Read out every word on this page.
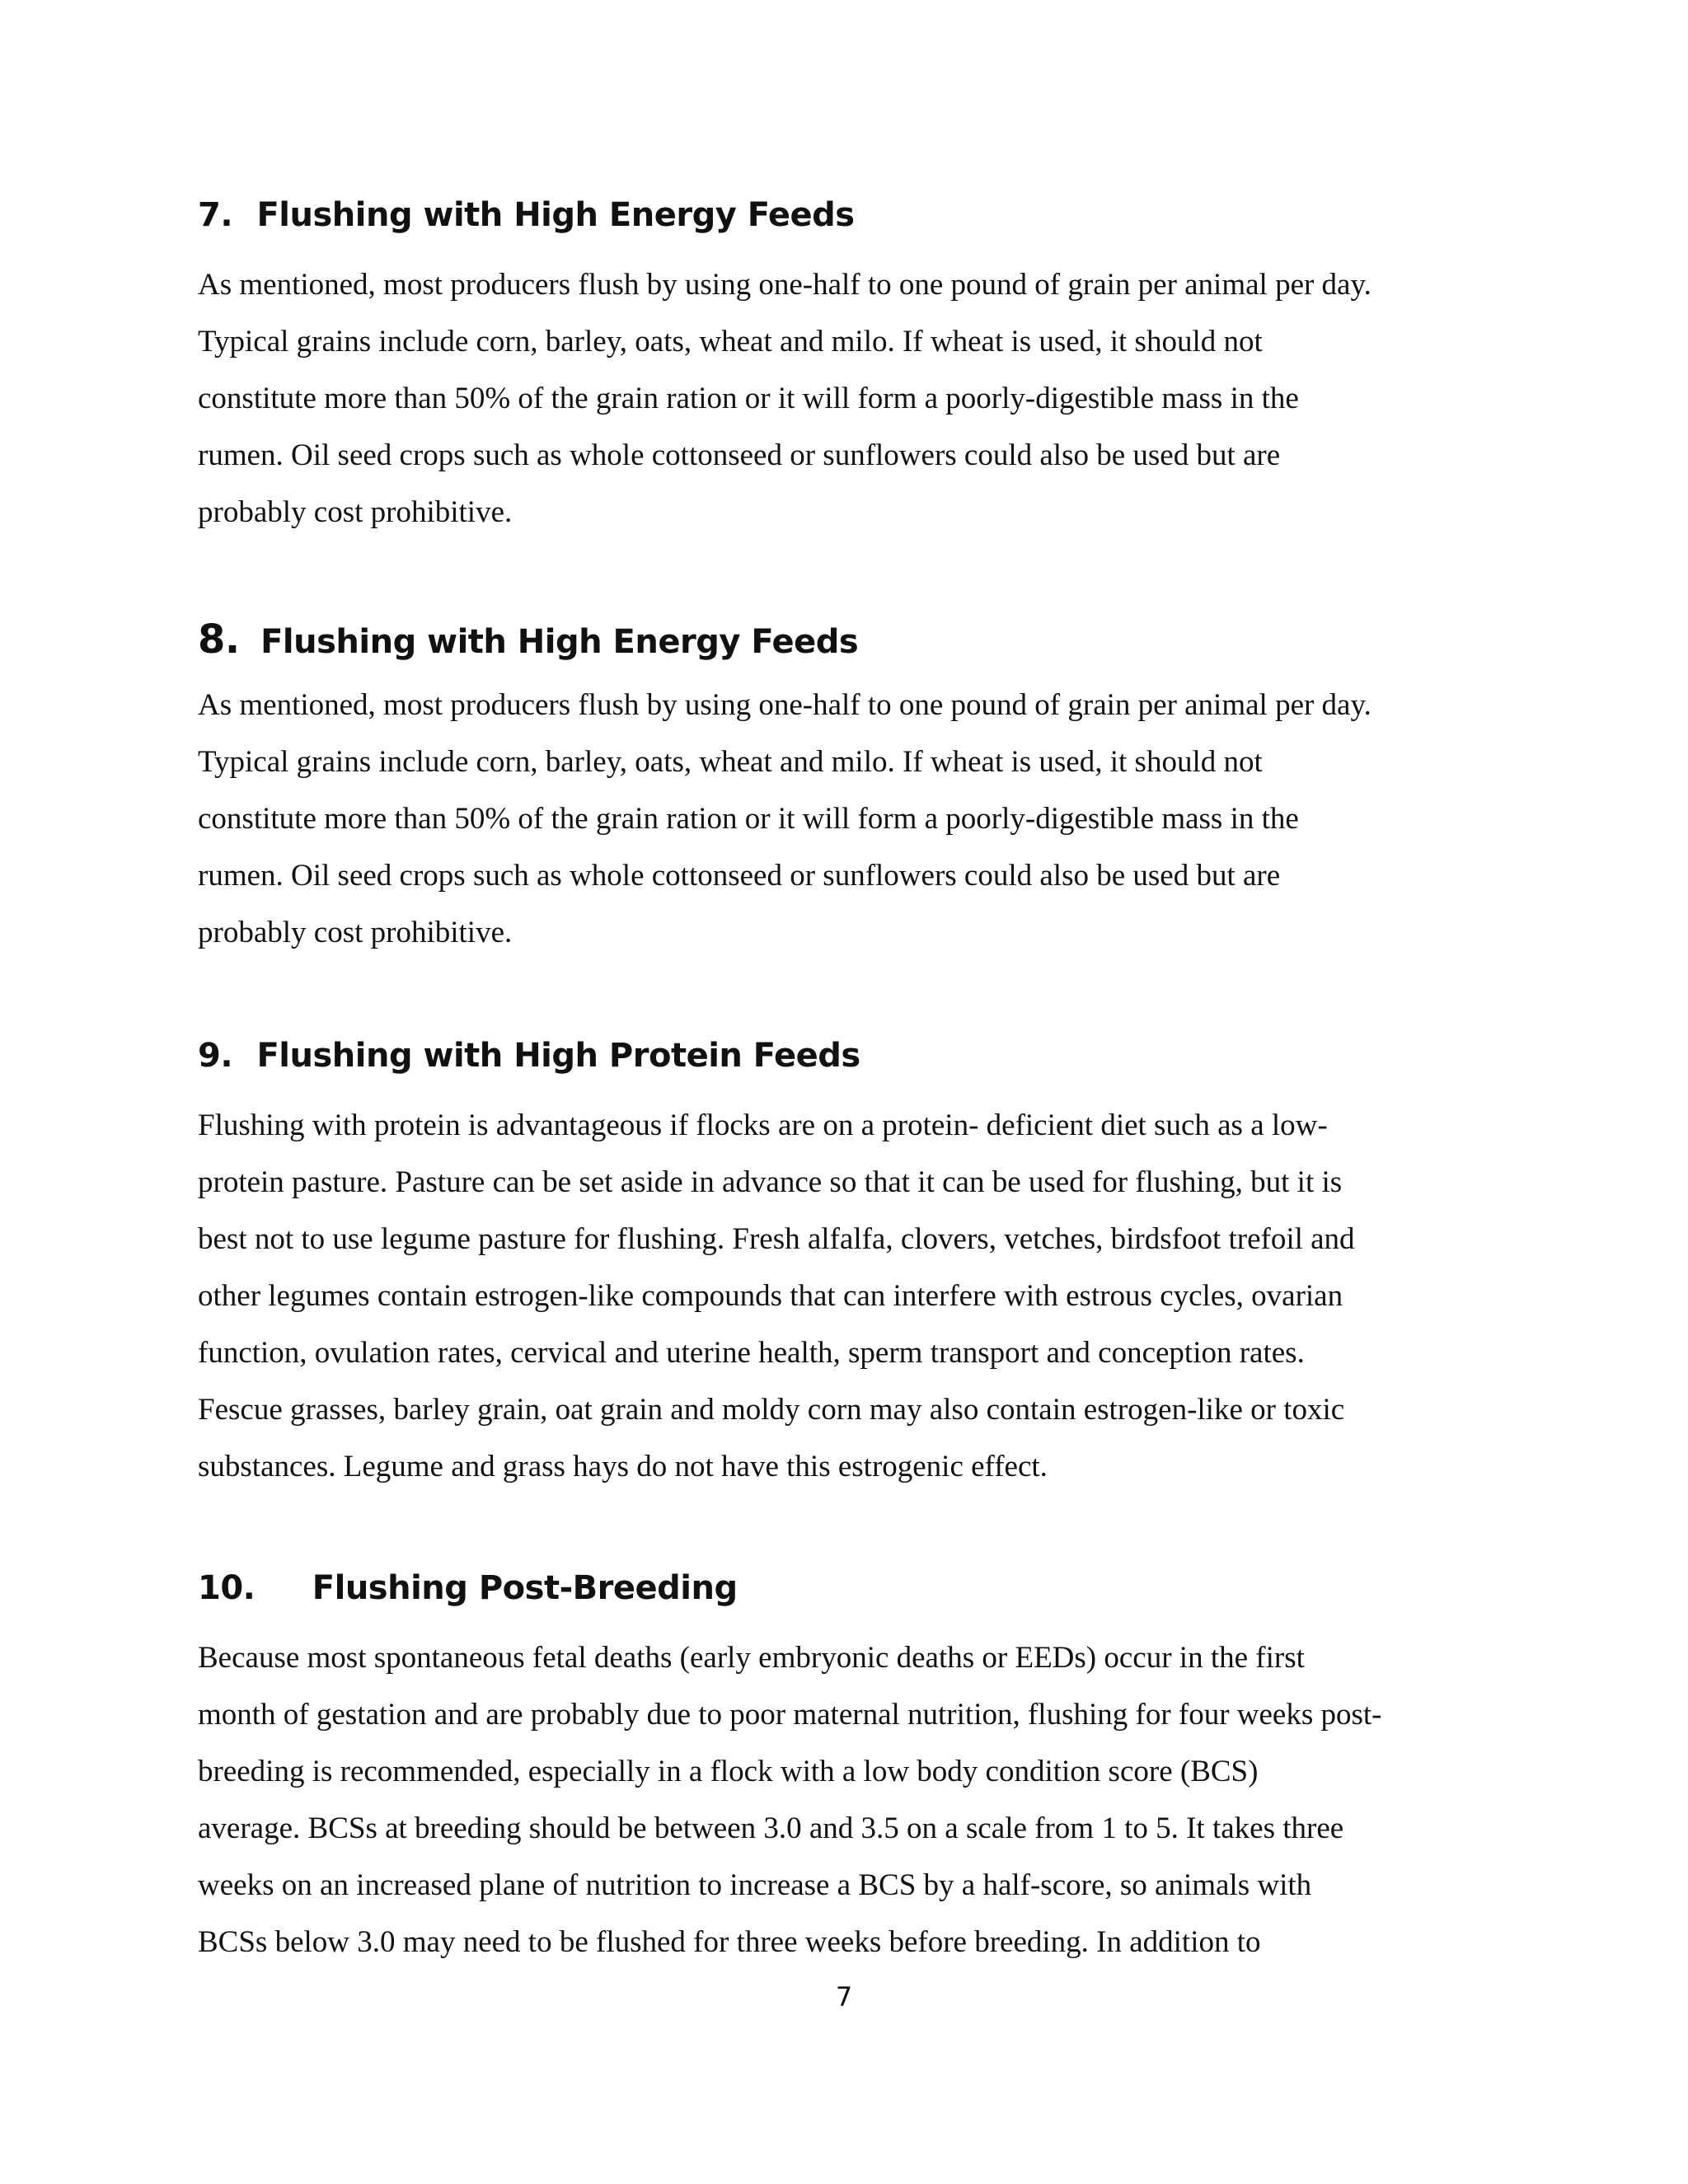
7. Flushing with High Energy Feeds
As mentioned, most producers flush by using one-half to one pound of grain per animal per day.
Typical grains include corn, barley, oats, wheat and milo. If wheat is used, it should not
constitute more than 50% of the grain ration or it will form a poorly-digestible mass in the
rumen. Oil seed crops such as whole cottonseed or sunflowers could also be used but are
probably cost prohibitive.
8. Flushing with High Energy Feeds
As mentioned, most producers flush by using one-half to one pound of grain per animal per day.
Typical grains include corn, barley, oats, wheat and milo. If wheat is used, it should not
constitute more than 50% of the grain ration or it will form a poorly-digestible mass in the
rumen. Oil seed crops such as whole cottonseed or sunflowers could also be used but are
probably cost prohibitive.
9. Flushing with High Protein Feeds
Flushing with protein is advantageous if flocks are on a protein- deficient diet such as a low-
protein pasture. Pasture can be set aside in advance so that it can be used for flushing, but it is
best not to use legume pasture for flushing. Fresh alfalfa, clovers, vetches, birdsfoot trefoil and
other legumes contain estrogen-like compounds that can interfere with estrous cycles, ovarian
function, ovulation rates, cervical and uterine health, sperm transport and conception rates.
Fescue grasses, barley grain, oat grain and moldy corn may also contain estrogen-like or toxic
substances. Legume and grass hays do not have this estrogenic effect.
10. Flushing Post-Breeding
Because most spontaneous fetal deaths (early embryonic deaths or EEDs) occur in the first
month of gestation and are probably due to poor maternal nutrition, flushing for four weeks post-
breeding is recommended, especially in a flock with a low body condition score (BCS)
average. BCSs at breeding should be between 3.0 and 3.5 on a scale from 1 to 5. It takes three
weeks on an increased plane of nutrition to increase a BCS by a half-score, so animals with
BCSs below 3.0 may need to be flushed for three weeks before breeding. In addition to
7
